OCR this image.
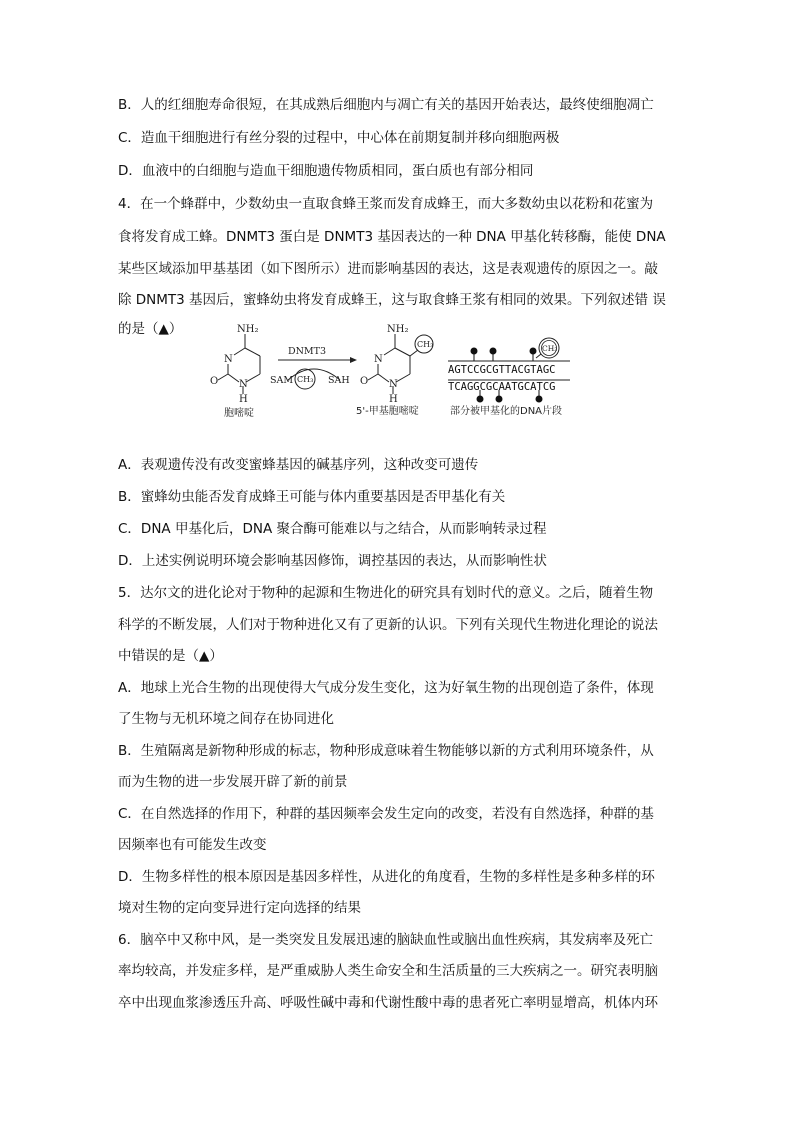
B．人的红细胞寿命很短，在其成熟后细胞内与凋亡有关的基因开始表达，最终使细胞凋亡
C．造血干细胞进行有丝分裂的过程中，中心体在前期复制并移向细胞两极
D．血液中的白细胞与造血干细胞遗传物质相同，蛋白质也有部分相同
4．在一个蜂群中，少数幼虫一直取食蜂王浆而发育成蜂王，而大多数幼虫以花粉和花蜜为
食将发育成工蜂。DNMT3 蛋白是 DNMT3 基因表达的一种 DNA 甲基化转移酶，能使 DNA
某些区域添加甲基基团（如下图所示）进而影响基因的表达，这是表观遗传的原因之一。敲
除 DNMT3 基因后，蜜蜂幼虫将发育成蜂王，这与取食蜂王浆有相同的效果。下列叙述错 误
的是（▲）	NH₂
N
N
O
H
胞嘧啶
DNMT3
SAM CH₃ SAH
NH₂
N
N
O
H
CH₃
5'-甲基胞嘧啶
AGTCCGCGTTACGTAGC
TCAGGCGCAATGCATCG
CH₃
部分被甲基化的DNA片段
A．表观遗传没有改变蜜蜂基因的碱基序列，这种改变可遗传
B．蜜蜂幼虫能否发育成蜂王可能与体内重要基因是否甲基化有关
C．DNA 甲基化后，DNA 聚合酶可能难以与之结合，从而影响转录过程
D．上述实例说明环境会影响基因修饰，调控基因的表达，从而影响性状
5．达尔文的进化论对于物种的起源和生物进化的研究具有划时代的意义。之后，随着生物
科学的不断发展，人们对于物种进化又有了更新的认识。下列有关现代生物进化理论的说法
中错误的是（▲）
A．地球上光合生物的出现使得大气成分发生变化，这为好氧生物的出现创造了条件，体现
了生物与无机环境之间存在协同进化
B．生殖隔离是新物种形成的标志，物种形成意味着生物能够以新的方式利用环境条件，从
而为生物的进一步发展开辟了新的前景
C．在自然选择的作用下，种群的基因频率会发生定向的改变，若没有自然选择，种群的基
因频率也有可能发生改变
D．生物多样性的根本原因是基因多样性，从进化的角度看，生物的多样性是多种多样的环
境对生物的定向变异进行定向选择的结果
6．脑卒中又称中风，是一类突发且发展迅速的脑缺血性或脑出血性疾病，其发病率及死亡
率均较高，并发症多样，是严重威胁人类生命安全和生活质量的三大疾病之一。研究表明脑
卒中出现血浆渗透压升高、呼吸性碱中毒和代谢性酸中毒的患者死亡率明显增高，机体内环
